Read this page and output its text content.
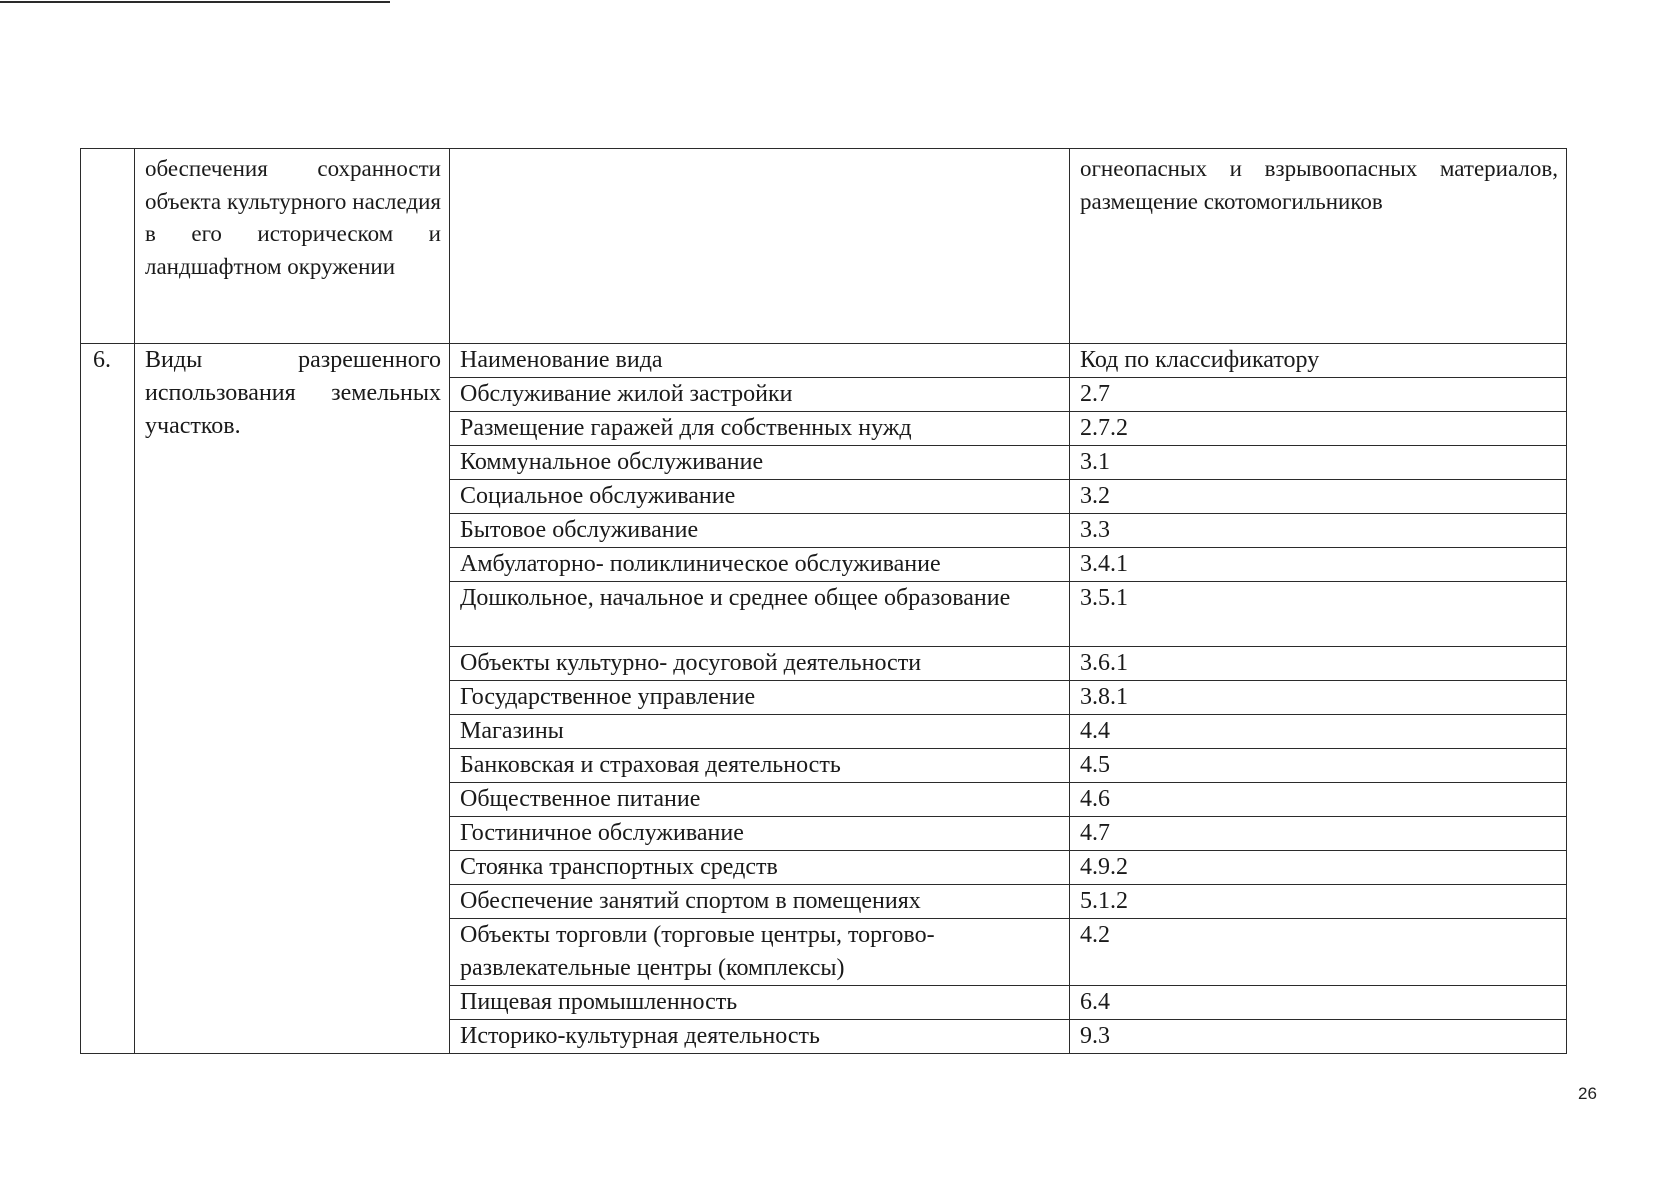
	обеспечения сохранности объекта культурного наследия в его историческом и ландшафтном окружении		огнеопасных и взрывоопасных материалов, размещение скотомогильников
6.	Виды разрешенного использования земельных участков.	Наименование вида	Код по классификатору
		Обслуживание жилой застройки	2.7
		Размещение гаражей для собственных нужд	2.7.2
		Коммунальное обслуживание	3.1
		Социальное обслуживание	3.2
		Бытовое обслуживание	3.3
		Амбулаторно- поликлиническое обслуживание	3.4.1
		Дошкольное, начальное и среднее общее образование	3.5.1
		Объекты культурно- досуговой деятельности	3.6.1
		Государственное управление	3.8.1
		Магазины	4.4
		Банковская и страховая деятельность	4.5
		Общественное питание	4.6
		Гостиничное обслуживание	4.7
		Стоянка транспортных средств	4.9.2
		Обеспечение занятий спортом в помещениях	5.1.2
		Объекты торговли (торговые центры, торгово-развлекательные центры (комплексы)	4.2
		Пищевая промышленность	6.4
		Историко-культурная деятельность	9.3
26
